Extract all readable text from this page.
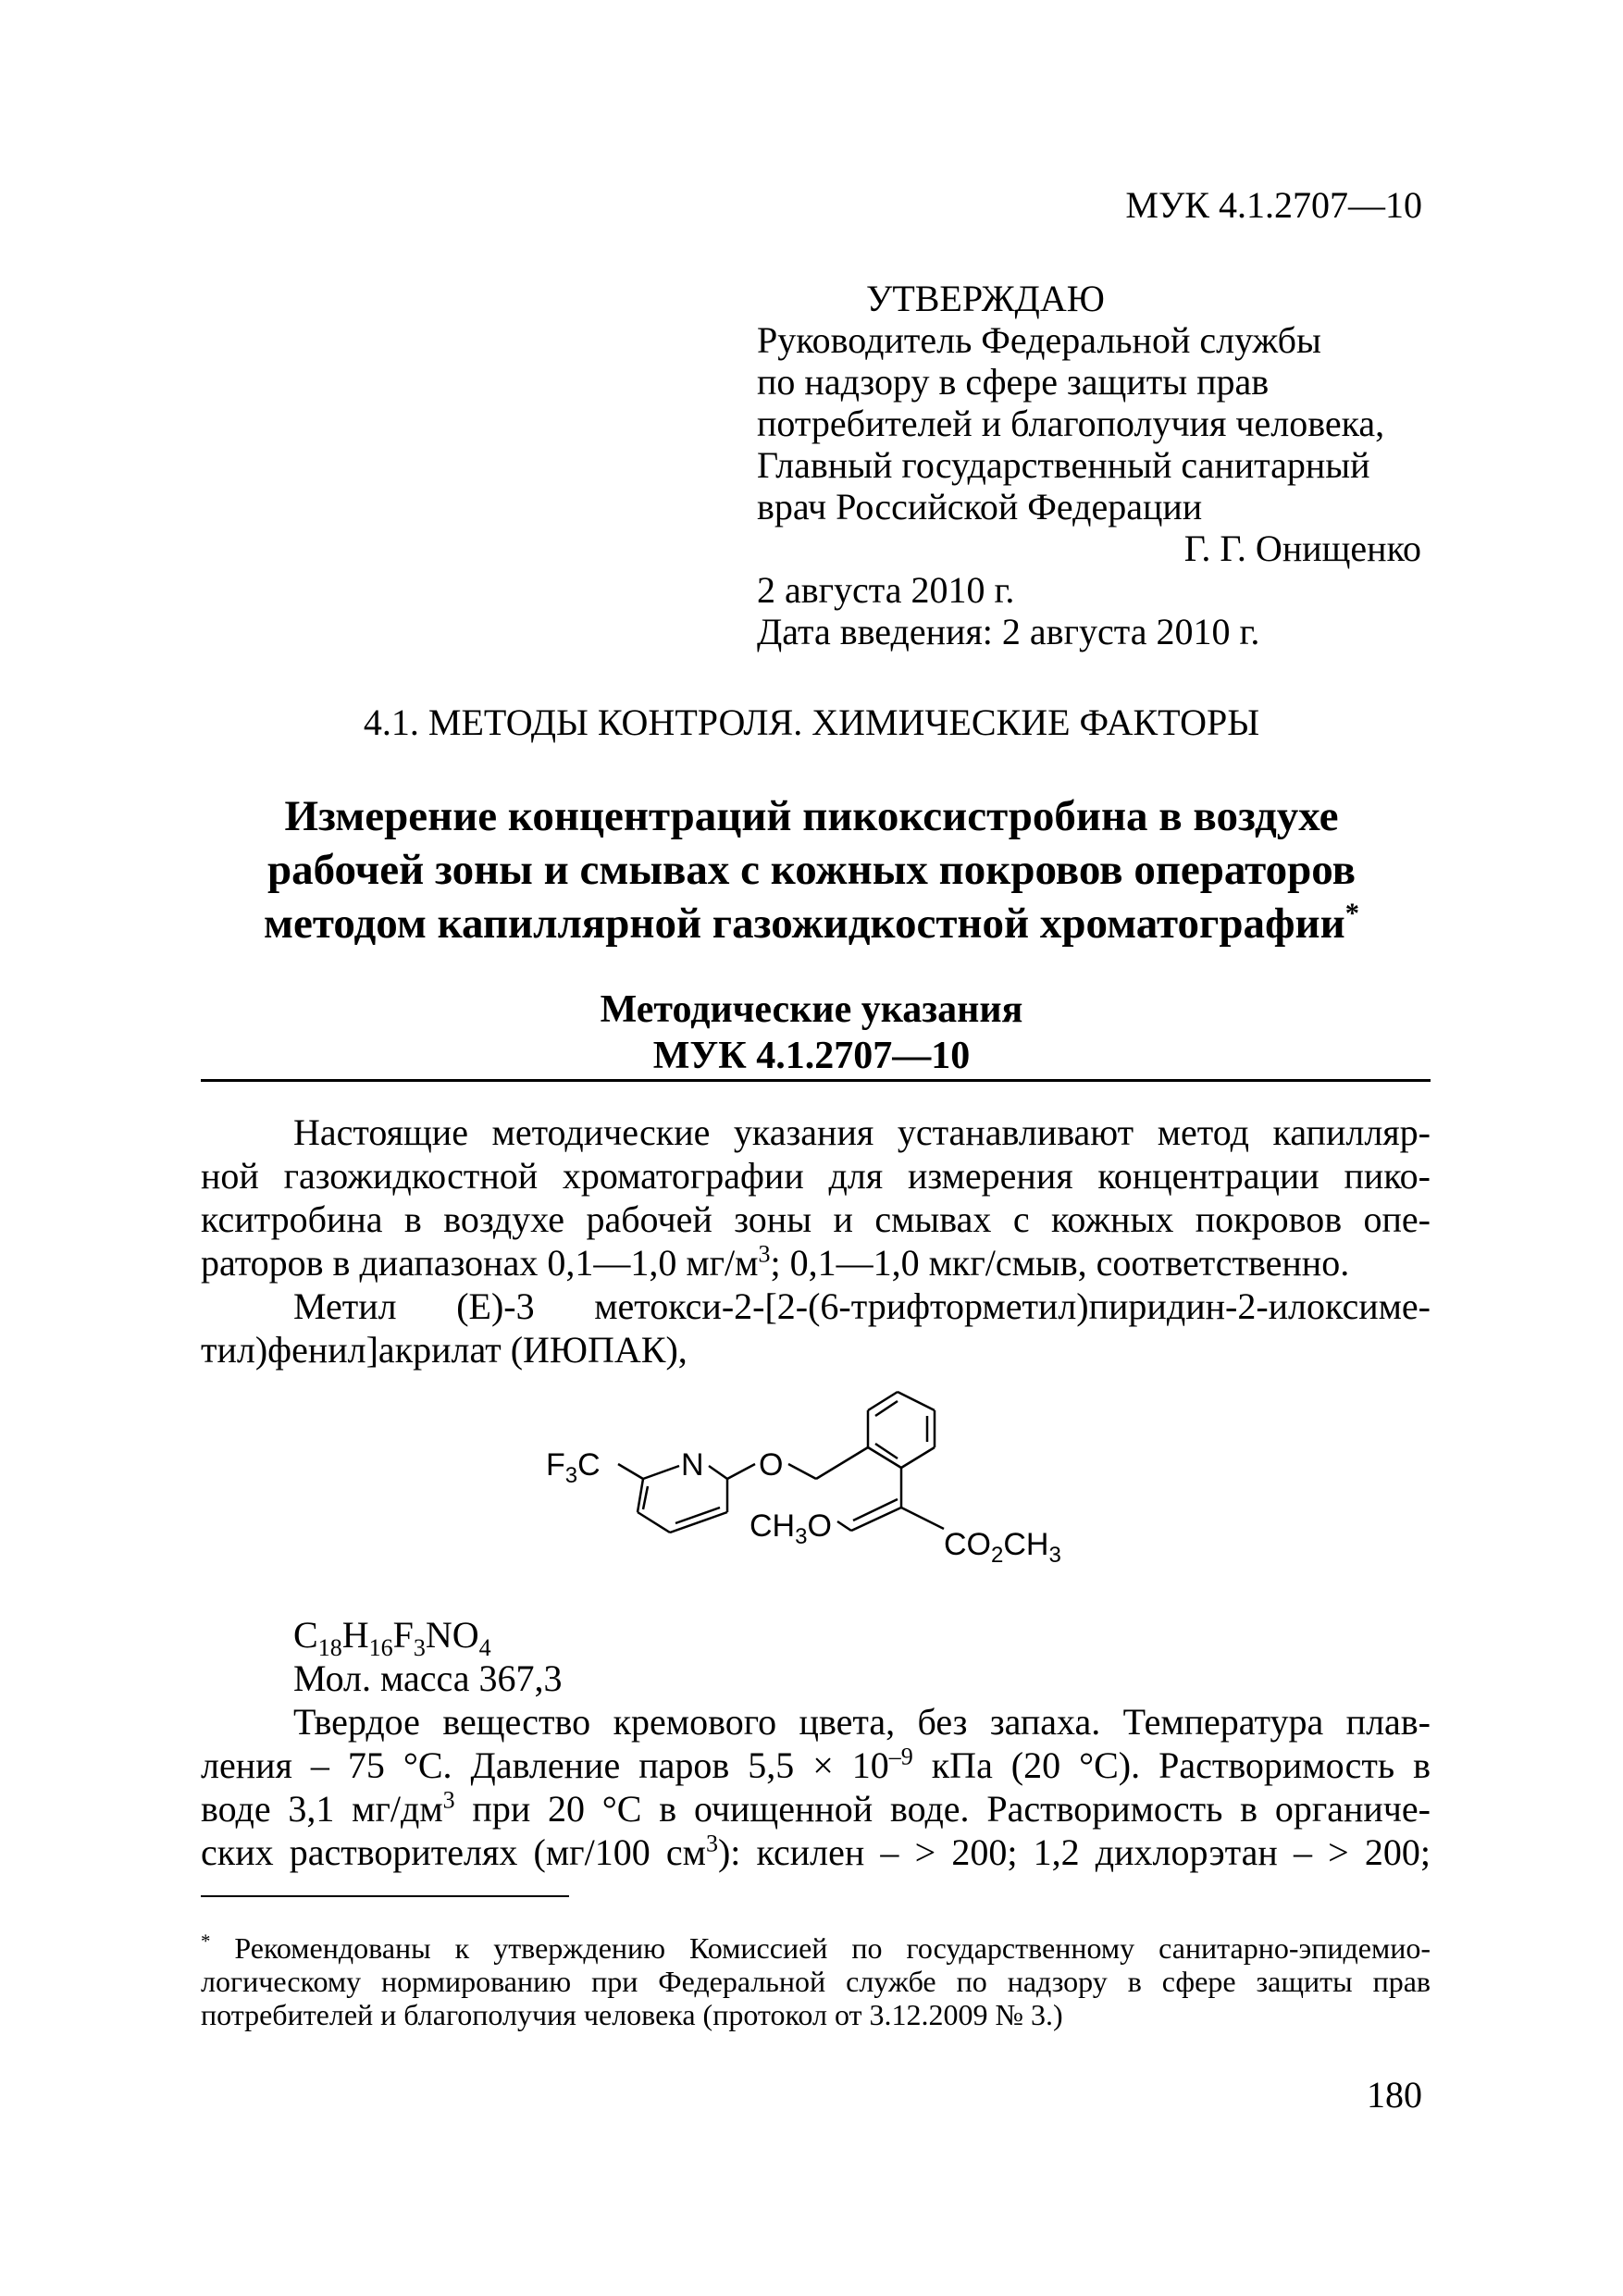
МУК 4.1.2707—10
УТВЕРЖДАЮ
Руководитель Федеральной службы
по надзору в сфере защиты прав
потребителей и благополучия человека,
Главный государственный санитарный
врач Российской Федерации
Г. Г. Онищенко
2 августа 2010 г.
Дата введения: 2 августа 2010 г.
4.1. МЕТОДЫ КОНТРОЛЯ. ХИМИЧЕСКИЕ ФАКТОРЫ
Измерение концентраций пикоксистробина в воздухе
рабочей зоны и смывах с кожных покровов операторов
методом капиллярной газожидкостной хроматографии*
Методические указания
МУК 4.1.2707—10
Настоящие методические указания устанавливают метод капилляр-
ной газожидкостной хроматографии для измерения концентрации пико-
кситробина в воздухе рабочей зоны и смывах с кожных покровов опе-
раторов в диапазонах 0,1—1,0 $мг/м^3$; 0,1—1,0 мкг/смыв, соответственно.
Метил (E)-3 метокси-2-[2-(6-трифторметил)пиридин-2-илоксиме-
тил)фенил]акрилат (ИЮПАК),
$F_3C$	N O
$CH_3O$
$CO_2CH_3$
$C_{18}H_{16}F_3NO_4$
Мол. масса 367,3
Твердое вещество кремового цвета, без запаха. Температура плав-
ления – 75 °С. Давление паров $5,5 \times 10^{-9}$ кПа (20 °С). Растворимость в
воде 3,1 $мг/дм^3$ при 20 °С в очищенной воде. Растворимость в органиче-
ских растворителях (мг/100 $см^3$): ксилен – > 200; 1,2 дихлорэтан – > 200;
* Рекомендованы к утверждению Комиссией по государственному санитарно-эпидемио-
логическому нормированию при Федеральной службе по надзору в сфере защиты прав
потребителей и благополучия человека (протокол от 3.12.2009 № 3.)
180
